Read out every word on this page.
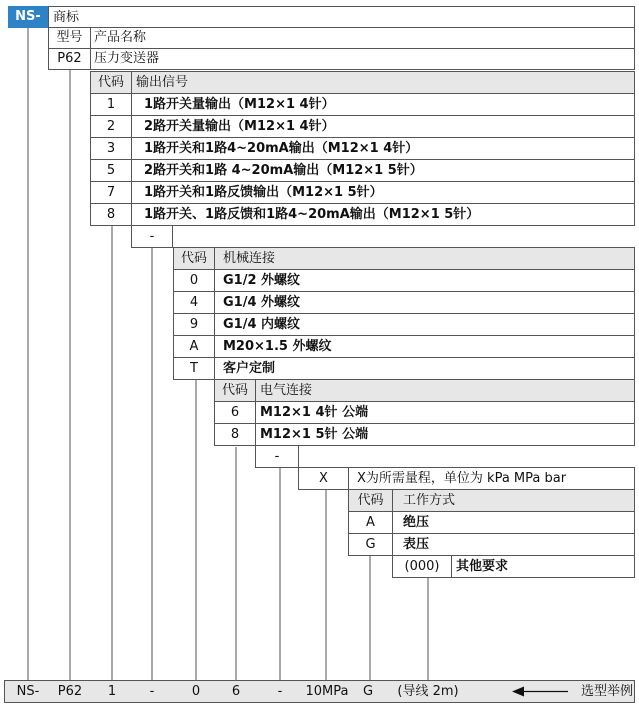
NS- 商标
型号 产品名称
P62 压力变送器
代码 输出信号
1	1路开关量输出（M12×1 4针）
2	2路开关量输出（M12×1 4针）
3	1路开关和1路4~20mA输出（M12×1 4针）
5	2路开关和1路 4~20mA输出（M12×1 5针）
7	1路开关和1路反馈输出（M12×1 5针）
8	1路开关、1路反馈和1路4~20mA输出（M12×1 5针）
-
代码	机械连接
0	G1/2 外螺纹
4	G1/4 外螺纹
9	G1/4 内螺纹
A	M20×1.5 外螺纹
T	客户定制
代码 电气连接
6	M12×1 4针 公端
8	M12×1 5针 公端
-
X	X为所需量程，单位为 kPa MPa bar
代码	工作方式
A	绝压
G	表压
(000)	其他要求
NS-	P62	1	-	0	6	-	10MPa	G	(导线 2m)	选型举例
